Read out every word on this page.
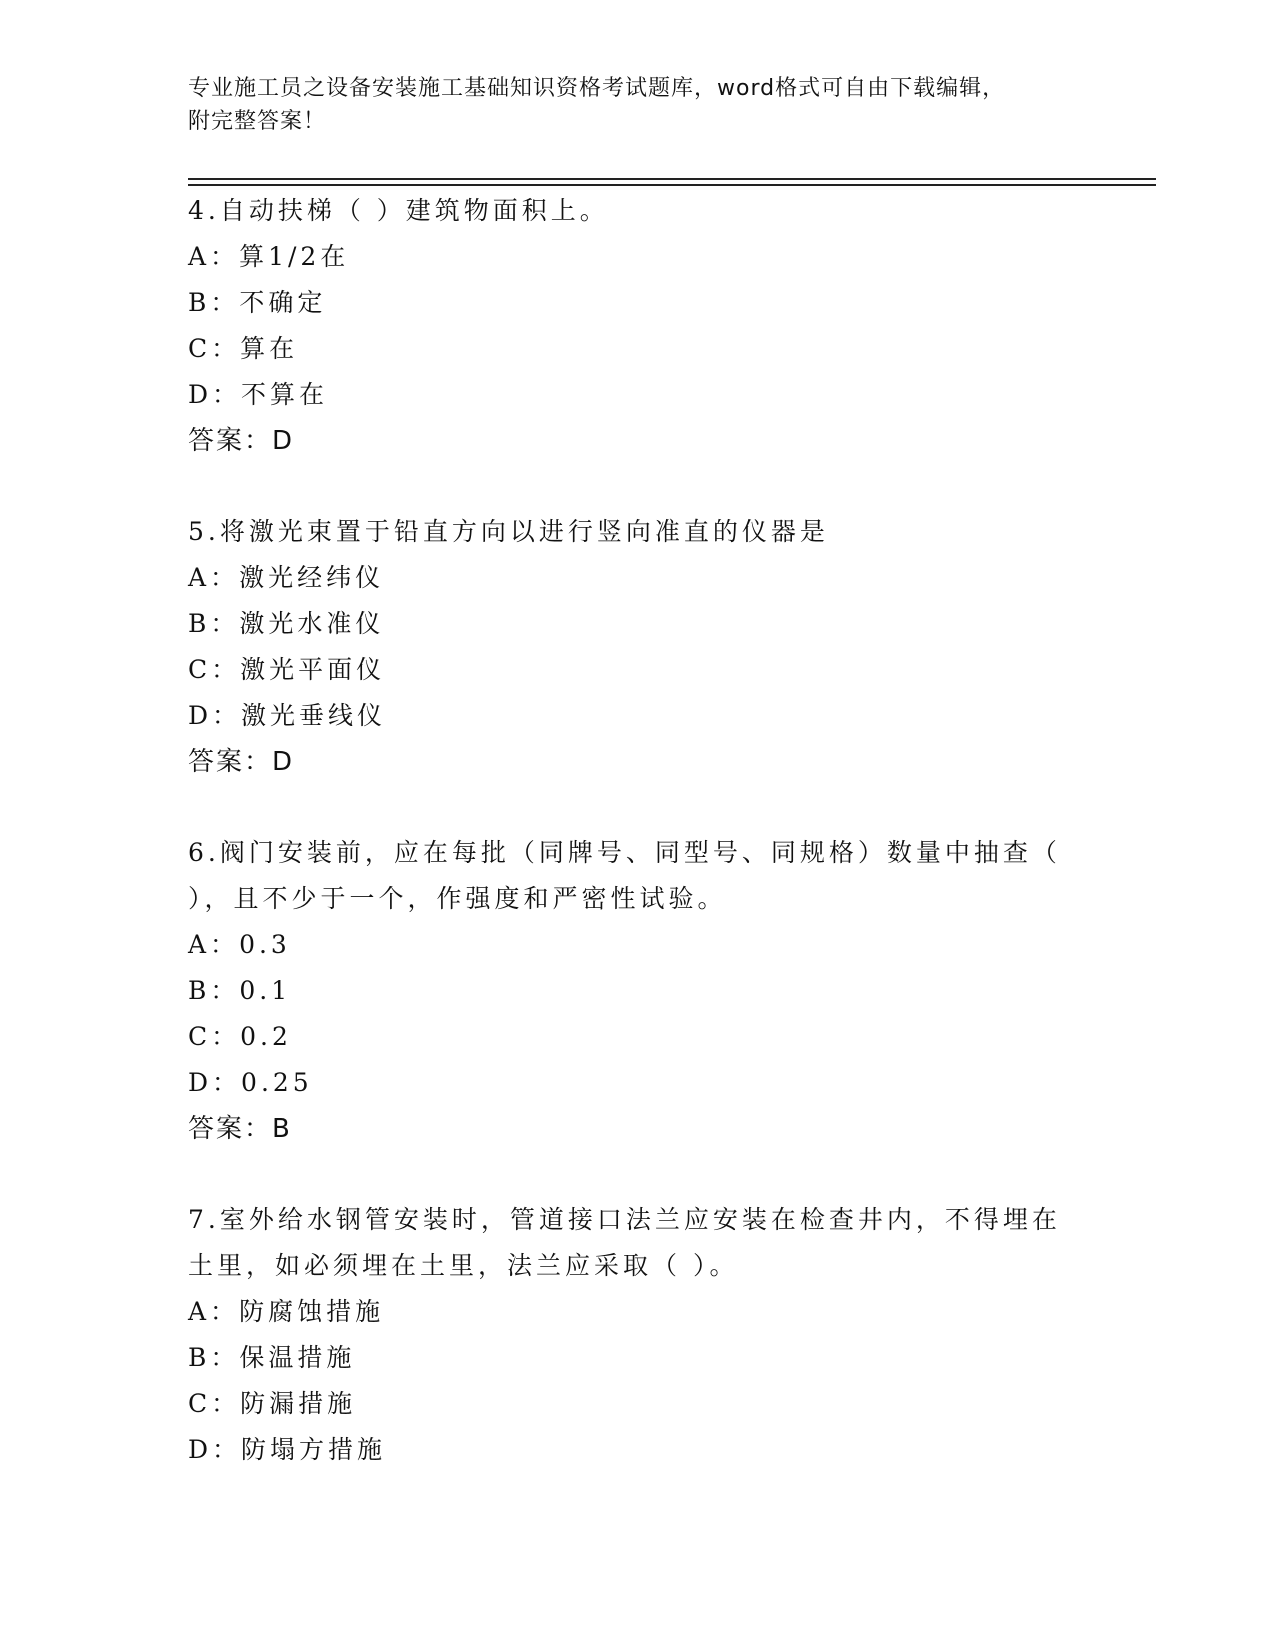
专业施工员之设备安装施工基础知识资格考试题库，word格式可自由下载编辑，
附完整答案！
4.自动扶梯（ ）建筑物面积上。
A：算1/2在
B：不确定
C：算在
D：不算在
答案：D
5.将激光束置于铅直方向以进行竖向准直的仪器是
A：激光经纬仪
B：激光水准仪
C：激光平面仪
D：激光垂线仪
答案：D
6.阀门安装前，应在每批（同牌号、同型号、同规格）数量中抽查（ ），且不少于一个，作强度和严密性试验。
A：0.3
B：0.1
C：0.2
D：0.25
答案：B
7.室外给水钢管安装时，管道接口法兰应安装在检查井内，不得埋在土里，如必须埋在土里，法兰应采取（ ）。
A：防腐蚀措施
B：保温措施
C：防漏措施
D：防塌方措施
